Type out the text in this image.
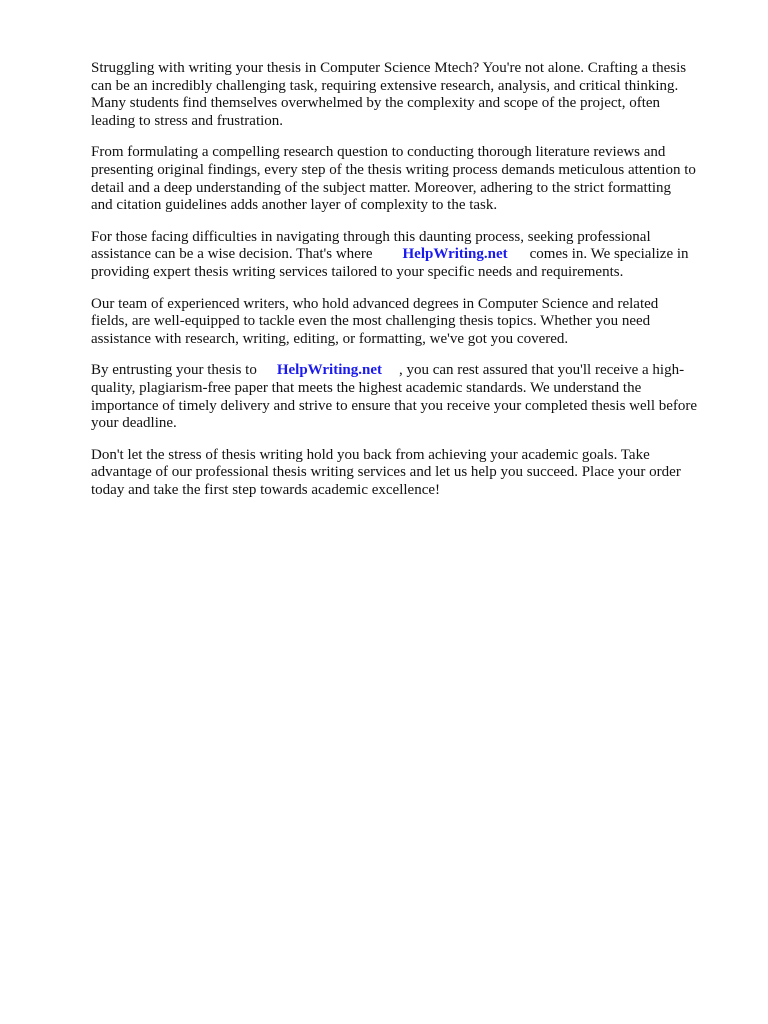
Struggling with writing your thesis in Computer Science Mtech? You're not alone. Crafting a thesis
can be an incredibly challenging task, requiring extensive research, analysis, and critical thinking.
Many students find themselves overwhelmed by the complexity and scope of the project, often
leading to stress and frustration.

From formulating a compelling research question to conducting thorough literature reviews and
presenting original findings, every step of the thesis writing process demands meticulous attention to
detail and a deep understanding of the subject matter. Moreover, adhering to the strict formatting
and citation guidelines adds another layer of complexity to the task.

For those facing difficulties in navigating through this daunting process, seeking professional
assistance can be a wise decision. That's where HelpWriting.net comes in. We specialize in
providing expert thesis writing services tailored to your specific needs and requirements.

Our team of experienced writers, who hold advanced degrees in Computer Science and related
fields, are well-equipped to tackle even the most challenging thesis topics. Whether you need
assistance with research, writing, editing, or formatting, we've got you covered.

By entrusting your thesis to HelpWriting.net , you can rest assured that you'll receive a high-
quality, plagiarism-free paper that meets the highest academic standards. We understand the
importance of timely delivery and strive to ensure that you receive your completed thesis well before
your deadline.

Don't let the stress of thesis writing hold you back from achieving your academic goals. Take
advantage of our professional thesis writing services and let us help you succeed. Place your order
today and take the first step towards academic excellence!
